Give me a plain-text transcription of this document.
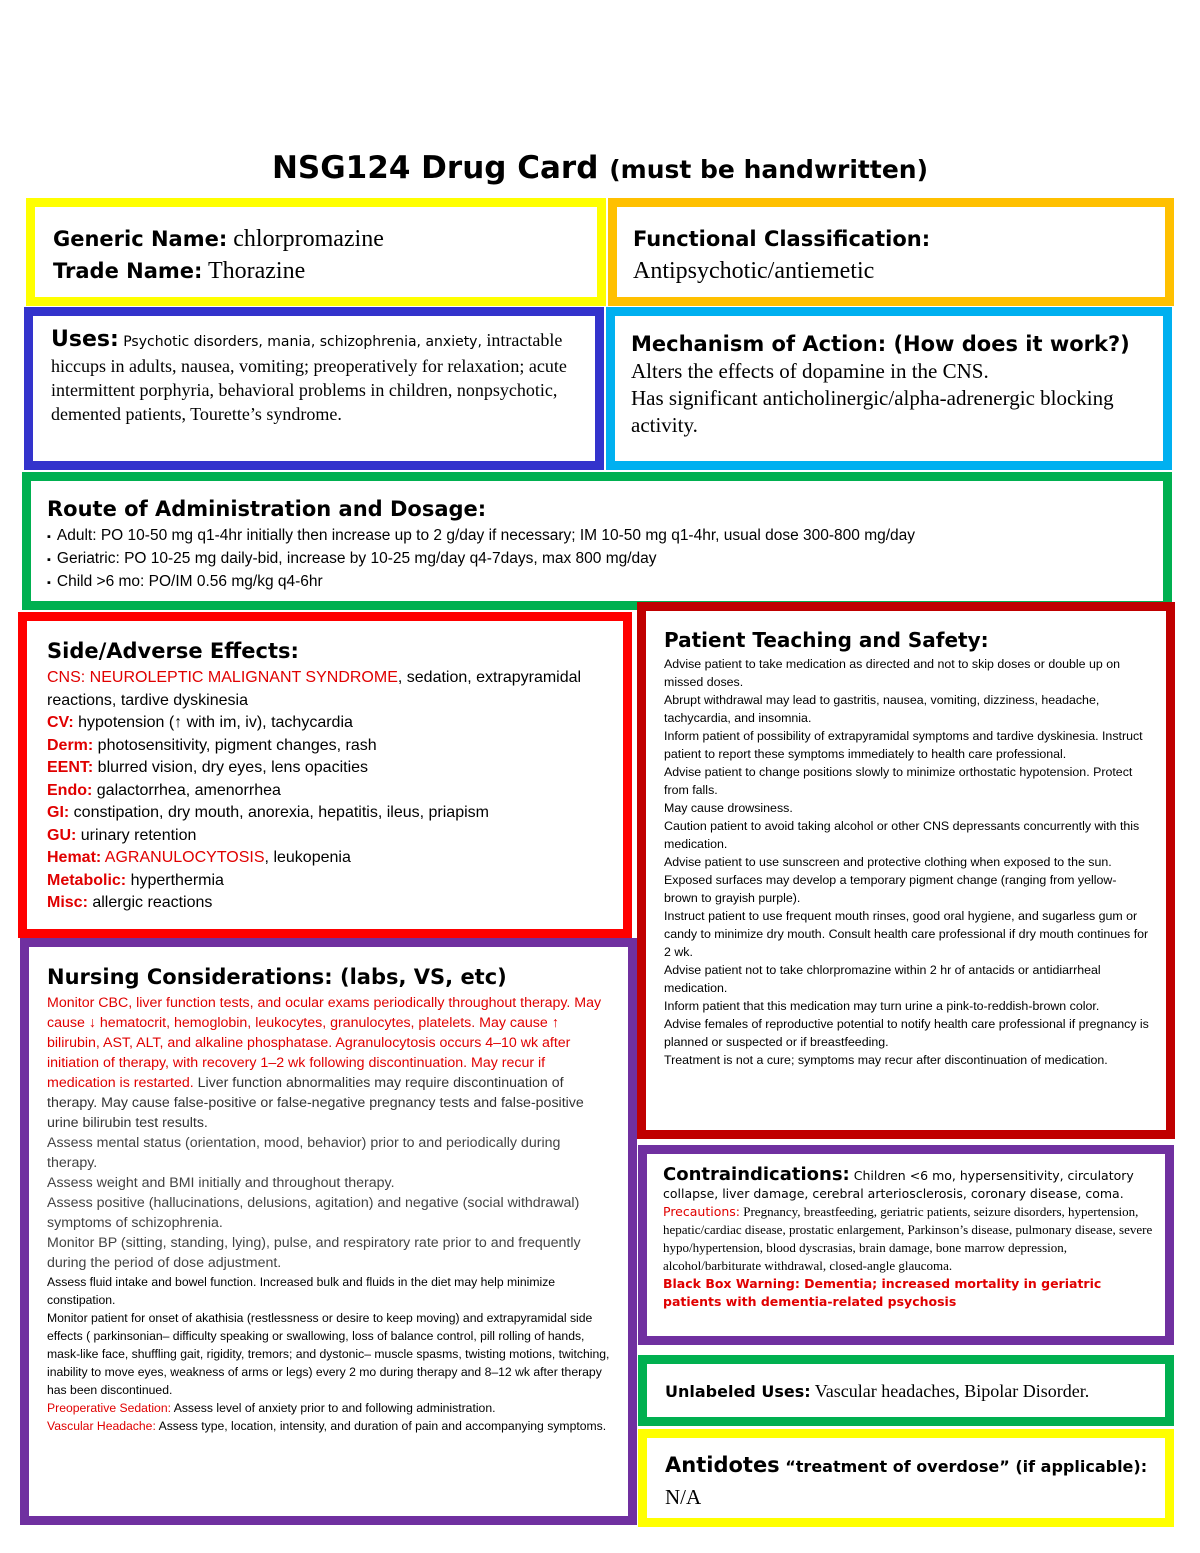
NSG124 Drug Card (must be handwritten)
Generic Name: chlorpromazine
Trade Name: Thorazine
Functional Classification:
Antipsychotic/antiemetic
Uses: Psychotic disorders, mania, schizophrenia, anxiety, intractable hiccups in adults, nausea, vomiting; preoperatively for relaxation; acute intermittent porphyria, behavioral problems in children, nonpsychotic, demented patients, Tourette’s syndrome.
Mechanism of Action: (How does it work?)
Alters the effects of dopamine in the CNS.
Has significant anticholinergic/alpha-adrenergic blocking activity.
Route of Administration and Dosage:
▪ Adult: PO 10-50 mg q1-4hr initially then increase up to 2 g/day if necessary; IM 10-50 mg q1-4hr, usual dose 300-800 mg/day
▪ Geriatric: PO 10-25 mg daily-bid, increase by 10-25 mg/day q4-7days, max 800 mg/day
▪ Child >6 mo: PO/IM 0.56 mg/kg q4-6hr
Side/Adverse Effects:
CNS: NEUROLEPTIC MALIGNANT SYNDROME, sedation, extrapyramidal reactions, tardive dyskinesia
CV: hypotension (↑ with im, iv), tachycardia
Derm: photosensitivity, pigment changes, rash
EENT: blurred vision, dry eyes, lens opacities
Endo: galactorrhea, amenorrhea
GI: constipation, dry mouth, anorexia, hepatitis, ileus, priapism
GU: urinary retention
Hemat: AGRANULOCYTOSIS, leukopenia
Metabolic: hyperthermia
Misc: allergic reactions
Patient Teaching and Safety:
Advise patient to take medication as directed and not to skip doses or double up on missed doses.
Abrupt withdrawal may lead to gastritis, nausea, vomiting, dizziness, headache, tachycardia, and insomnia.
Inform patient of possibility of extrapyramidal symptoms and tardive dyskinesia. Instruct patient to report these symptoms immediately to health care professional.
Advise patient to change positions slowly to minimize orthostatic hypotension. Protect from falls.
May cause drowsiness.
Caution patient to avoid taking alcohol or other CNS depressants concurrently with this medication.
Advise patient to use sunscreen and protective clothing when exposed to the sun. Exposed surfaces may develop a temporary pigment change (ranging from yellow-brown to grayish purple).
Instruct patient to use frequent mouth rinses, good oral hygiene, and sugarless gum or candy to minimize dry mouth. Consult health care professional if dry mouth continues for 2 wk.
Advise patient not to take chlorpromazine within 2 hr of antacids or antidiarrheal medication.
Inform patient that this medication may turn urine a pink-to-reddish-brown color.
Advise females of reproductive potential to notify health care professional if pregnancy is planned or suspected or if breastfeeding.
Treatment is not a cure; symptoms may recur after discontinuation of medication.
Nursing Considerations: (labs, VS, etc)
Monitor CBC, liver function tests, and ocular exams periodically throughout therapy. May cause ↓ hematocrit, hemoglobin, leukocytes, granulocytes, platelets. May cause ↑ bilirubin, AST, ALT, and alkaline phosphatase. Agranulocytosis occurs 4–10 wk after initiation of therapy, with recovery 1–2 wk following discontinuation. May recur if medication is restarted. Liver function abnormalities may require discontinuation of therapy. May cause false-positive or false-negative pregnancy tests and false-positive urine bilirubin test results.
Assess mental status (orientation, mood, behavior) prior to and periodically during therapy.
Assess weight and BMI initially and throughout therapy.
Assess positive (hallucinations, delusions, agitation) and negative (social withdrawal) symptoms of schizophrenia.
Monitor BP (sitting, standing, lying), pulse, and respiratory rate prior to and frequently during the period of dose adjustment.
Assess fluid intake and bowel function. Increased bulk and fluids in the diet may help minimize constipation.
Monitor patient for onset of akathisia (restlessness or desire to keep moving) and extrapyramidal side effects ( parkinsonian– difficulty speaking or swallowing, loss of balance control, pill rolling of hands, mask-like face, shuffling gait, rigidity, tremors; and dystonic– muscle spasms, twisting motions, twitching, inability to move eyes, weakness of arms or legs) every 2 mo during therapy and 8–12 wk after therapy has been discontinued.
Preoperative Sedation: Assess level of anxiety prior to and following administration.
Vascular Headache: Assess type, location, intensity, and duration of pain and accompanying symptoms.
Contraindications: Children <6 mo, hypersensitivity, circulatory collapse, liver damage, cerebral arteriosclerosis, coronary disease, coma.
Precautions: Pregnancy, breastfeeding, geriatric patients, seizure disorders, hypertension, hepatic/cardiac disease, prostatic enlargement, Parkinson’s disease, pulmonary disease, severe hypo/hypertension, blood dyscrasias, brain damage, bone marrow depression, alcohol/barbiturate withdrawal, closed-angle glaucoma.
Black Box Warning: Dementia; increased mortality in geriatric patients with dementia-related psychosis
Unlabeled Uses: Vascular headaches, Bipolar Disorder.
Antidotes “treatment of overdose” (if applicable):
N/A
